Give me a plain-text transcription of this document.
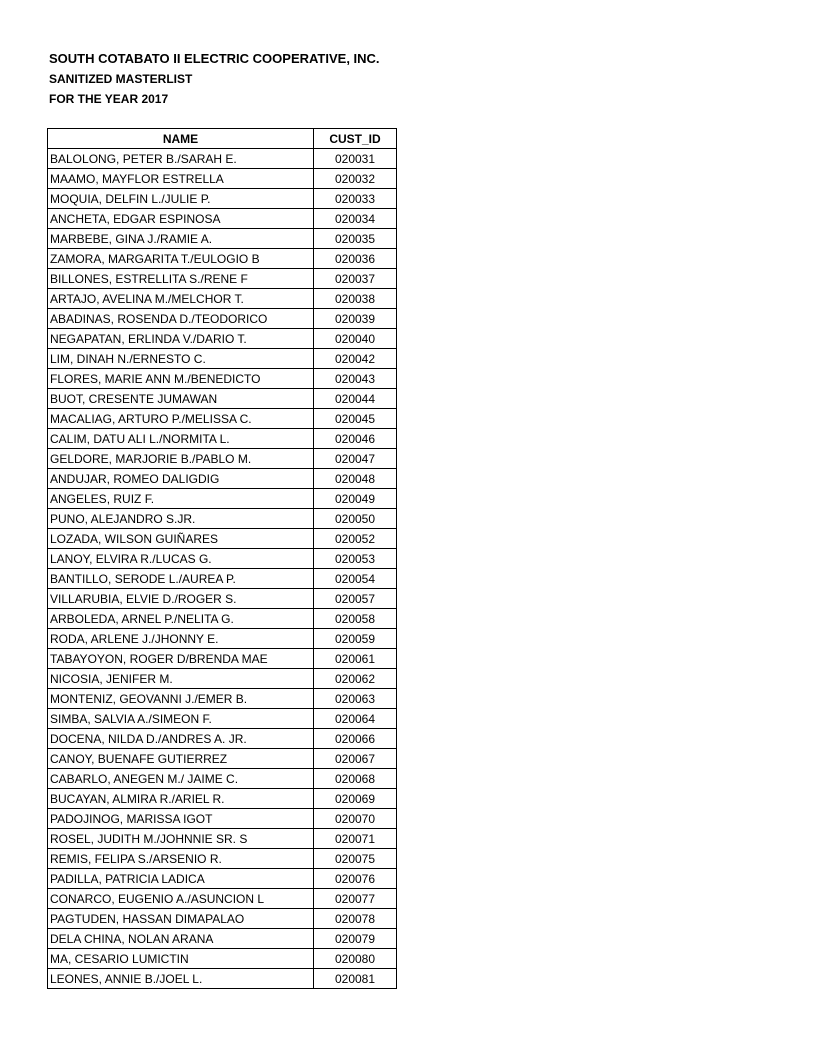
SOUTH COTABATO II ELECTRIC COOPERATIVE, INC.
SANITIZED MASTERLIST
FOR THE YEAR 2017
NAME	CUST_ID
BALOLONG, PETER B./SARAH E.	020031
MAAMO, MAYFLOR ESTRELLA	020032
MOQUIA, DELFIN L./JULIE P.	020033
ANCHETA, EDGAR ESPINOSA	020034
MARBEBE, GINA J./RAMIE A.	020035
ZAMORA, MARGARITA T./EULOGIO B	020036
BILLONES, ESTRELLITA S./RENE F	020037
ARTAJO, AVELINA M./MELCHOR T.	020038
ABADINAS, ROSENDA D./TEODORICO	020039
NEGAPATAN, ERLINDA V./DARIO T.	020040
LIM, DINAH N./ERNESTO C.	020042
FLORES, MARIE ANN M./BENEDICTO	020043
BUOT, CRESENTE JUMAWAN	020044
MACALIAG, ARTURO P./MELISSA C.	020045
CALIM, DATU ALI L./NORMITA L.	020046
GELDORE, MARJORIE B./PABLO M.	020047
ANDUJAR, ROMEO DALIGDIG	020048
ANGELES, RUIZ F.	020049
PUNO, ALEJANDRO S.JR.	020050
LOZADA, WILSON GUIÑARES	020052
LANOY, ELVIRA R./LUCAS G.	020053
BANTILLO, SERODE L./AUREA P.	020054
VILLARUBIA, ELVIE D./ROGER S.	020057
ARBOLEDA, ARNEL P./NELITA G.	020058
RODA, ARLENE J./JHONNY E.	020059
TABAYOYON, ROGER D/BRENDA MAE	020061
NICOSIA, JENIFER M.	020062
MONTENIZ, GEOVANNI J./EMER B.	020063
SIMBA, SALVIA A./SIMEON F.	020064
DOCENA, NILDA D./ANDRES A. JR.	020066
CANOY, BUENAFE GUTIERREZ	020067
CABARLO, ANEGEN M./ JAIME C.	020068
BUCAYAN, ALMIRA R./ARIEL R.	020069
PADOJINOG, MARISSA IGOT	020070
ROSEL, JUDITH M./JOHNNIE SR. S	020071
REMIS, FELIPA S./ARSENIO R.	020075
PADILLA, PATRICIA LADICA	020076
CONARCO, EUGENIO A./ASUNCION L	020077
PAGTUDEN, HASSAN DIMAPALAO	020078
DELA CHINA, NOLAN ARANA	020079
MA, CESARIO LUMICTIN	020080
LEONES, ANNIE B./JOEL L.	020081
